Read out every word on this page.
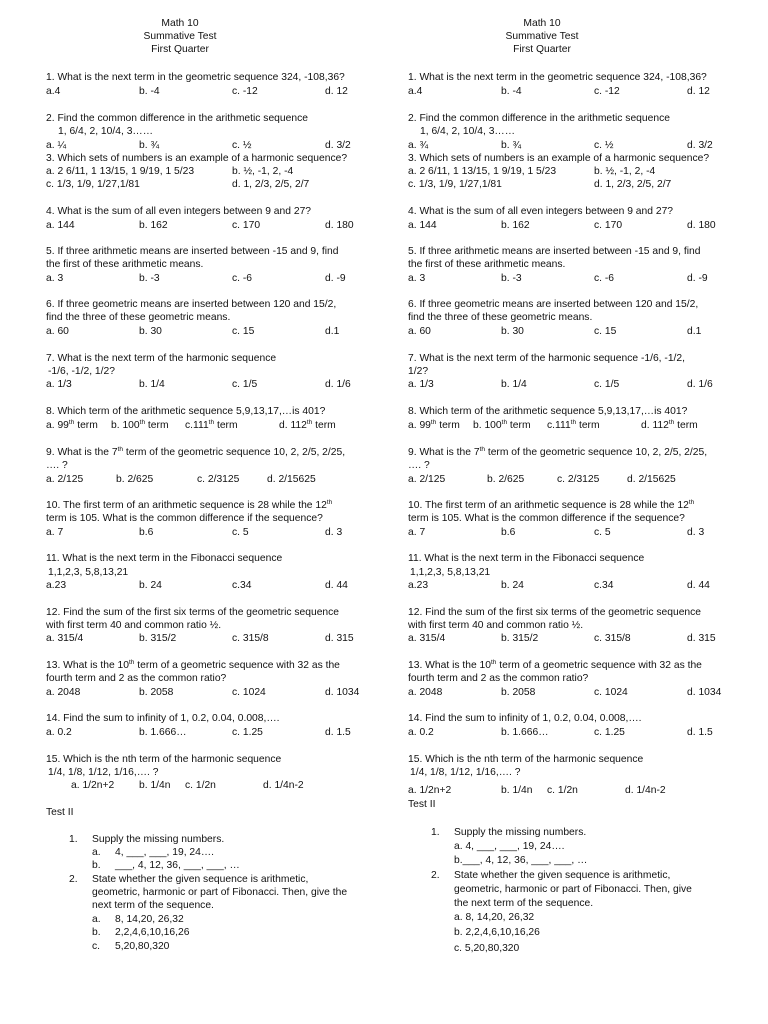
Math 10
Summative Test
First Quarter
1. What is the next term in the geometric sequence 324, -108,36?
a.4	b. -4	c. -12	d. 12
2. Find the common difference in the arithmetic sequence
1, 6/4, 2, 10/4, 3……
a. ¼	b. ¾	c. ½	d. 3/2
3. Which sets of numbers is an example of a harmonic sequence?
a. 2 6/11, 1 13/15, 1 9/19, 1 5/23	b. ½, -1, 2, -4
c. 1/3, 1/9, 1/27,1/81	d. 1, 2/3, 2/5, 2/7
4. What is the sum of all even integers between 9 and 27?
a. 144	b. 162	c. 170	d. 180
5. If three arithmetic means are inserted between -15 and 9, find
the first of these arithmetic means.
a. 3	b. -3	c. -6	d. -9
6. If three geometric means are inserted between 120 and 15/2,
find the three of these geometric means.
a. 60	b. 30	c. 15	d.1
7. What is the next term of the harmonic sequence
-1/6, -1/2, 1/2?
a. 1/3	b. 1/4	c. 1/5	d. 1/6
8. Which term of the arithmetic sequence 5,9,13,17,…is 401?
a. 99th term b. 100th term c.111th term	d. 112th term
9. What is the 7th term of the geometric sequence 10, 2, 2/5, 2/25,
…. ?
a. 2/125	b. 2/625	c. 2/3125	d. 2/15625
10. The first term of an arithmetic sequence is 28 while the 12th
term is 105. What is the common difference if the sequence?
a. 7	b.6	c. 5	d. 3
11. What is the next term in the Fibonacci sequence
1,1,2,3, 5,8,13,21
a.23	b. 24	c.34	d. 44
12. Find the sum of the first six terms of the geometric sequence
with first term 40 and common ratio ½.
a. 315/4	b. 315/2	c. 315/8	d. 315
13. What is the 10th term of a geometric sequence with 32 as the
fourth term and 2 as the common ratio?
a. 2048	b. 2058	c. 1024	d. 1034
14. Find the sum to infinity of 1, 0.2, 0.04, 0.008,….
a. 0.2	b. 1.666…	c. 1.25	d. 1.5
15. Which is the nth term of the harmonic sequence
1/4, 1/8, 1/12, 1/16,…. ?
a. 1/2n+2 b. 1/4n c. 1/2n	d. 1/4n-2
Test II
1. Supply the missing numbers.
a. 4, ___, ___, 19, 24….
b. ___, 4, 12, 36, ___, ___, …
2. State whether the given sequence is arithmetic,
geometric, harmonic or part of Fibonacci. Then, give the
next term of the sequence.
a. 8, 14,20, 26,32
b. 2,2,4,6,10,16,26
c. 5,20,80,320
Math 10
Summative Test
First Quarter
1. What is the next term in the geometric sequence 324, -108,36?
a.4	b. -4	c. -12	d. 12
2. Find the common difference in the arithmetic sequence
1, 6/4, 2, 10/4, 3……
a. ¾	b. ¾	c. ½	d. 3/2
3. Which sets of numbers is an example of a harmonic sequence?
a. 2 6/11, 1 13/15, 1 9/19, 1 5/23	b. ½, -1, 2, -4
c. 1/3, 1/9, 1/27,1/81	d. 1, 2/3, 2/5, 2/7
4. What is the sum of all even integers between 9 and 27?
a. 144	b. 162	c. 170	d. 180
5. If three arithmetic means are inserted between -15 and 9, find
the first of these arithmetic means.
a. 3	b. -3	c. -6	d. -9
6. If three geometric means are inserted between 120 and 15/2,
find the three of these geometric means.
a. 60	b. 30	c. 15	d.1
7. What is the next term of the harmonic sequence -1/6, -1/2,
1/2?
a. 1/3	b. 1/4	c. 1/5	d. 1/6
8. Which term of the arithmetic sequence 5,9,13,17,…is 401?
a. 99th term b. 100th term c.111th term	d. 112th term
9. What is the 7th term of the geometric sequence 10, 2, 2/5, 2/25,
…. ?
a. 2/125	b. 2/625	c. 2/3125	d. 2/15625
10. The first term of an arithmetic sequence is 28 while the 12th
term is 105. What is the common difference if the sequence?
a. 7	b.6	c. 5	d. 3
11. What is the next term in the Fibonacci sequence
1,1,2,3, 5,8,13,21
a.23	b. 24	c.34	d. 44
12. Find the sum of the first six terms of the geometric sequence
with first term 40 and common ratio ½.
a. 315/4	b. 315/2	c. 315/8	d. 315
13. What is the 10th term of a geometric sequence with 32 as the
fourth term and 2 as the common ratio?
a. 2048	b. 2058	c. 1024	d. 1034
14. Find the sum to infinity of 1, 0.2, 0.04, 0.008,….
a. 0.2	b. 1.666…	c. 1.25	d. 1.5
15. Which is the nth term of the harmonic sequence
1/4, 1/8, 1/12, 1/16,…. ?
a. 1/2n+2	b. 1/4n c. 1/2n	d. 1/4n-2
Test II
1. Supply the missing numbers.
a. 4, ___, ___, 19, 24….
b.___, 4, 12, 36, ___, ___, …
2. State whether the given sequence is arithmetic,
geometric, harmonic or part of Fibonacci. Then, give
the next term of the sequence.
a. 8, 14,20, 26,32
b. 2,2,4,6,10,16,26
c. 5,20,80,320
